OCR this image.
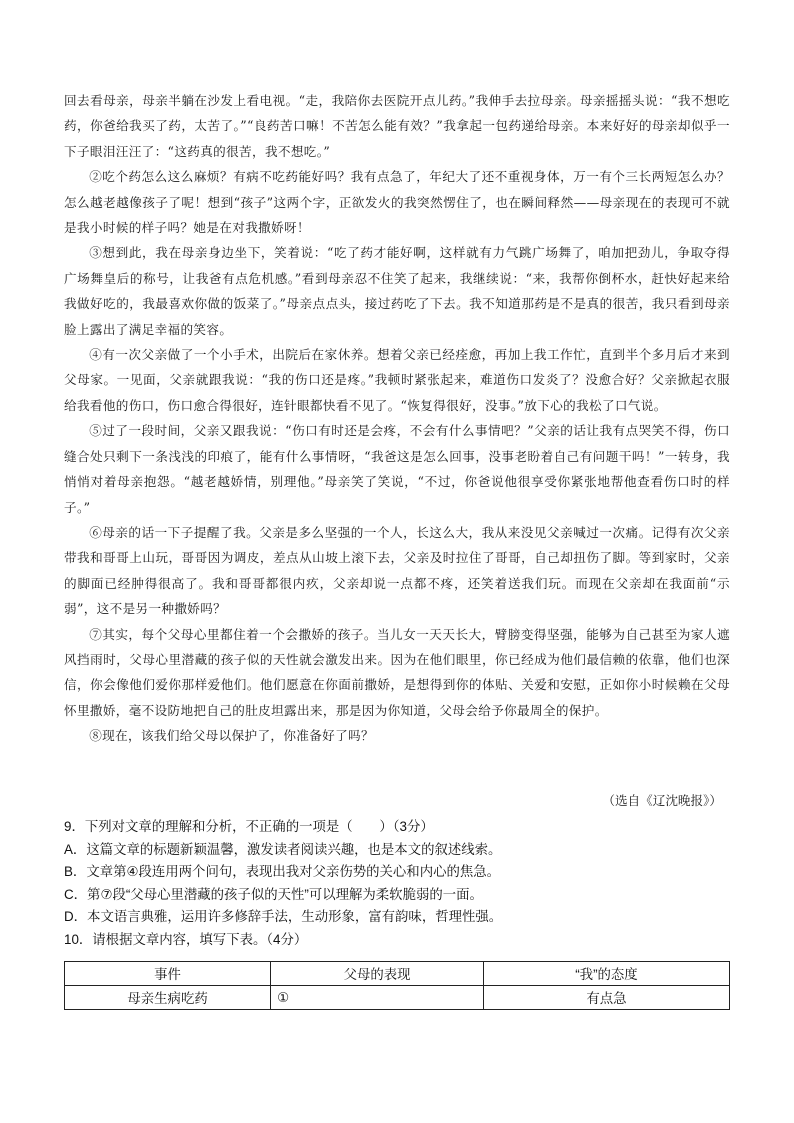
回去看母亲，母亲半躺在沙发上看电视。“走，我陪你去医院开点儿药。”我伸手去拉母亲。母亲摇摇头说：“我不想吃药，你爸给我买了药，太苦了。”“良药苦口嘛！不苦怎么能有效？”我拿起一包药递给母亲。本来好好的母亲却似乎一下子眼泪汪汪了：“这药真的很苦，我不想吃。”

②吃个药怎么这么麻烦？有病不吃药能好吗？我有点急了，年纪大了还不重视身体，万一有个三长两短怎么办？怎么越老越像孩子了呢！想到“孩子”这两个字，正欲发火的我突然愣住了，也在瞬间释然——母亲现在的表现可不就是我小时候的样子吗？她是在对我撒娇呀！

③想到此，我在母亲身边坐下，笑着说：“吃了药才能好啊，这样就有力气跳广场舞了，咱加把劲儿，争取夺得广场舞皇后的称号，让我爸有点危机感。”看到母亲忍不住笑了起来，我继续说：“来，我帮你倒杯水，赶快好起来给我做好吃的，我最喜欢你做的饭菜了。”母亲点点头，接过药吃了下去。我不知道那药是不是真的很苦，我只看到母亲脸上露出了满足幸福的笑容。

④有一次父亲做了一个小手术，出院后在家休养。想着父亲已经痊愈，再加上我工作忙，直到半个多月后才来到父母家。一见面，父亲就跟我说：“我的伤口还是疼。”我顿时紧张起来，难道伤口发炎了？没愈合好？父亲掀起衣服给我看他的伤口，伤口愈合得很好，连针眼都快看不见了。“恢复得很好，没事。”放下心的我松了口气说。

⑤过了一段时间，父亲又跟我说：“伤口有时还是会疼，不会有什么事情吧？”父亲的话让我有点哭笑不得，伤口缝合处只剩下一条浅浅的印痕了，能有什么事情呀，“我爸这是怎么回事，没事老盼着自己有问题干吗！”一转身，我悄悄对着母亲抱怨。“越老越娇情，别理他。”母亲笑了笑说，“不过，你爸说他很享受你紧张地帮他查看伤口时的样子。”

⑥母亲的话一下子提醒了我。父亲是多么坚强的一个人，长这么大，我从来没见父亲喊过一次痛。记得有次父亲带我和哥哥上山玩，哥哥因为调皮，差点从山坡上滚下去，父亲及时拉住了哥哥，自己却扭伤了脚。等到家时，父亲的脚面已经肿得很高了。我和哥哥都很内疚，父亲却说一点都不疼，还笑着送我们玩。而现在父亲却在我面前“示弱”，这不是另一种撒娇吗？

⑦其实，每个父母心里都住着一个会撒娇的孩子。当儿女一天天长大，臂膀变得坚强，能够为自己甚至为家人遮风挡雨时，父母心里潜藏的孩子似的天性就会激发出来。因为在他们眼里，你已经成为他们最信赖的依靠，他们也深信，你会像他们爱你那样爱他们。他们愿意在你面前撒娇，是想得到你的体贴、关爱和安慰，正如你小时候赖在父母怀里撒娇，毫不设防地把自己的肚皮坦露出来，那是因为你知道，父母会给予你最周全的保护。

⑧现在，该我们给父母以保护了，你准备好了吗？

（选自《辽沈晚报》）
9．下列对文章的理解和分析，不正确的一项是（　　）（3分）
A．这篇文章的标题新颖温馨，激发读者阅读兴趣，也是本文的叙述线索。
B．文章第④段连用两个问句，表现出我对父亲伤势的关心和内心的焦急。
C．第⑦段“父母心里潜藏的孩子似的天性”可以理解为柔软脆弱的一面。
D．本文语言典雅，运用许多修辞手法，生动形象，富有韵味，哲理性强。
10．请根据文章内容，填写下表。（4分）
事件	父母的表现	“我”的态度
母亲生病吃药	①	有点急
